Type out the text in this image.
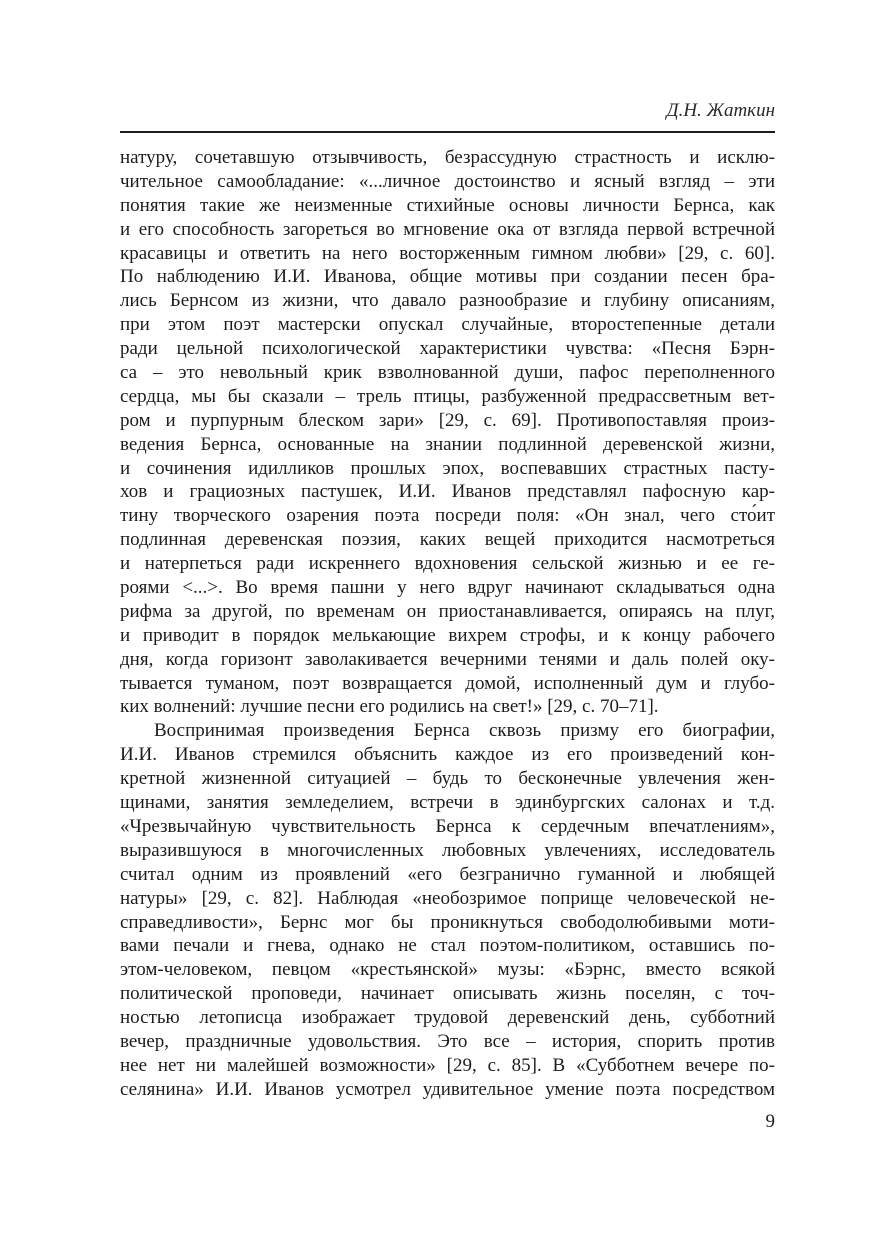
Д.Н. Жаткин
натуру, сочетавшую отзывчивость, безрассудную страстность и исклю-
чительное самообладание: «...личное достоинство и ясный взгляд – эти
понятия такие же неизменные стихийные основы личности Бернса, как
и его способность загореться во мгновение ока от взгляда первой встречной
красавицы и ответить на него восторженным гимном любви» [29, с. 60].
По наблюдению И.И. Иванова, общие мотивы при создании песен бра-
лись Бернсом из жизни, что давало разнообразие и глубину описаниям,
при этом поэт мастерски опускал случайные, второстепенные детали
ради цельной психологической характеристики чувства: «Песня Бэрн-
са – это невольный крик взволнованной души, пафос переполненного
сердца, мы бы сказали – трель птицы, разбуженной предрассветным вет-
ром и пурпурным блеском зари» [29, с. 69]. Противопоставляя произ-
ведения Бернса, основанные на знании подлинной деревенской жизни,
и сочинения идилликов прошлых эпох, воспевавших страстных пасту-
хов и грациозных пастушек, И.И. Иванов представлял пафосную кар-
тину творческого озарения поэта посреди поля: «Он знал, чего сто́ит
подлинная деревенская поэзия, каких вещей приходится насмотреться
и натерпеться ради искреннего вдохновения сельской жизнью и ее ге-
роями <...>. Во время пашни у него вдруг начинают складываться одна
рифма за другой, по временам он приостанавливается, опираясь на плуг,
и приводит в порядок мелькающие вихрем строфы, и к концу рабочего
дня, когда горизонт заволакивается вечерними тенями и даль полей оку-
тывается туманом, поэт возвращается домой, исполненный дум и глубо-
ких волнений: лучшие песни его родились на свет!» [29, с. 70–71].
Воспринимая произведения Бернса сквозь призму его биографии,
И.И. Иванов стремился объяснить каждое из его произведений кон-
кретной жизненной ситуацией – будь то бесконечные увлечения жен-
щинами, занятия земледелием, встречи в эдинбургских салонах и т.д.
«Чрезвычайную чувствительность Бернса к сердечным впечатлениям»,
выразившуюся в многочисленных любовных увлечениях, исследователь
считал одним из проявлений «его безгранично гуманной и любящей
натуры» [29, с. 82]. Наблюдая «необозримое поприще человеческой не-
справедливости», Бернс мог бы проникнуться свободолюбивыми моти-
вами печали и гнева, однако не стал поэтом-политиком, оставшись по-
этом-человеком, певцом «крестьянской» музы: «Бэрнс, вместо всякой
политической проповеди, начинает описывать жизнь поселян, с точ-
ностью летописца изображает трудовой деревенский день, субботний
вечер, праздничные удовольствия. Это все – история, спорить против
нее нет ни малейшей возможности» [29, с. 85]. В «Субботнем вечере по-
селянина» И.И. Иванов усмотрел удивительное умение поэта посредством
9
